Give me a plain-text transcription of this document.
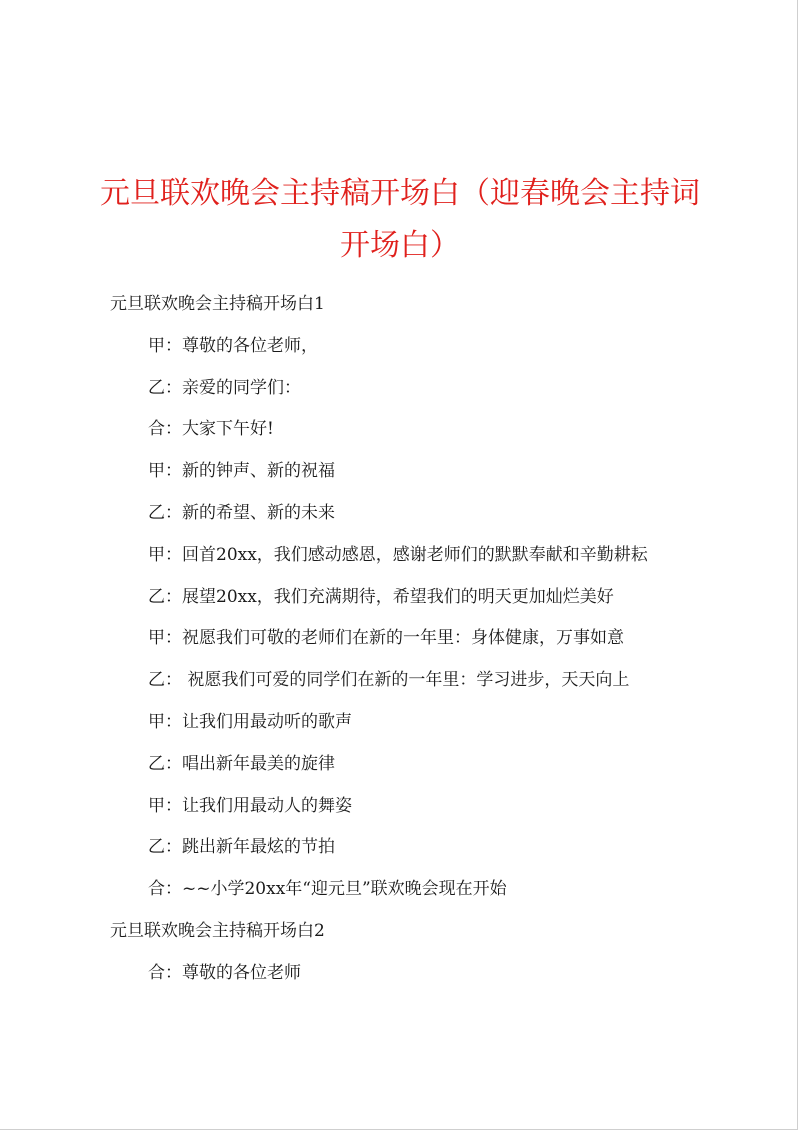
元旦联欢晚会主持稿开场白（迎春晚会主持词开场白）
元旦联欢晚会主持稿开场白1
甲：尊敬的各位老师，
乙：亲爱的同学们：
合：大家下午好!
甲：新的钟声、新的祝福
乙：新的希望、新的未来
甲：回首20xx，我们感动感恩，感谢老师们的默默奉献和辛勤耕耘
乙：展望20xx，我们充满期待，希望我们的明天更加灿烂美好
甲：祝愿我们可敬的老师们在新的一年里：身体健康，万事如意
乙： 祝愿我们可爱的同学们在新的一年里：学习进步，天天向上
甲：让我们用最动听的歌声
乙：唱出新年最美的旋律
甲：让我们用最动人的舞姿
乙：跳出新年最炫的节拍
合：~~小学20xx年“迎元旦”联欢晚会现在开始
元旦联欢晚会主持稿开场白2
合：尊敬的各位老师
